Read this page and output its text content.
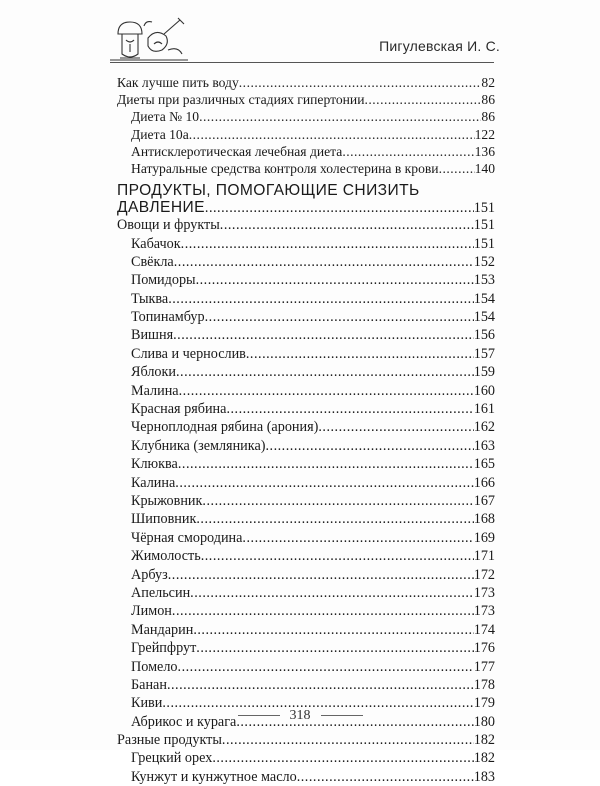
Пигулевская И. С.
Как лучше пить воду .....	82
Диеты при различных стадиях гипертонии .....	86
Диета № 10 .....	86
Диета 10а .....	122
Антисклеротическая лечебная диета .....	136
Натуральные средства контроля холестерина в крови .....	140
ПРОДУКТЫ, ПОМОГАЮЩИЕ СНИЗИТЬ
ДАВЛЕНИЕ .....	151
Овощи и фрукты .....	151
Кабачок .....	151
Свёкла .....	152
Помидоры .....	153
Тыква .....	154
Топинамбур .....	154
Вишня .....	156
Слива и чернослив .....	157
Яблоки .....	159
Малина .....	160
Красная рябина .....	161
Черноплодная рябина (арония) .....	162
Клубника (земляника) .....	163
Клюква .....	165
Калина .....	166
Крыжовник .....	167
Шиповник .....	168
Чёрная смородина .....	169
Жимолость .....	171
Арбуз .....	172
Апельсин .....	173
Лимон .....	173
Мандарин .....	174
Грейпфрут .....	176
Помело .....	177
Банан .....	178
Киви .....	179
Абрикос и курага .....	180
Разные продукты .....	182
Грецкий орех .....	182
Кунжут и кунжутное масло .....	183
318
